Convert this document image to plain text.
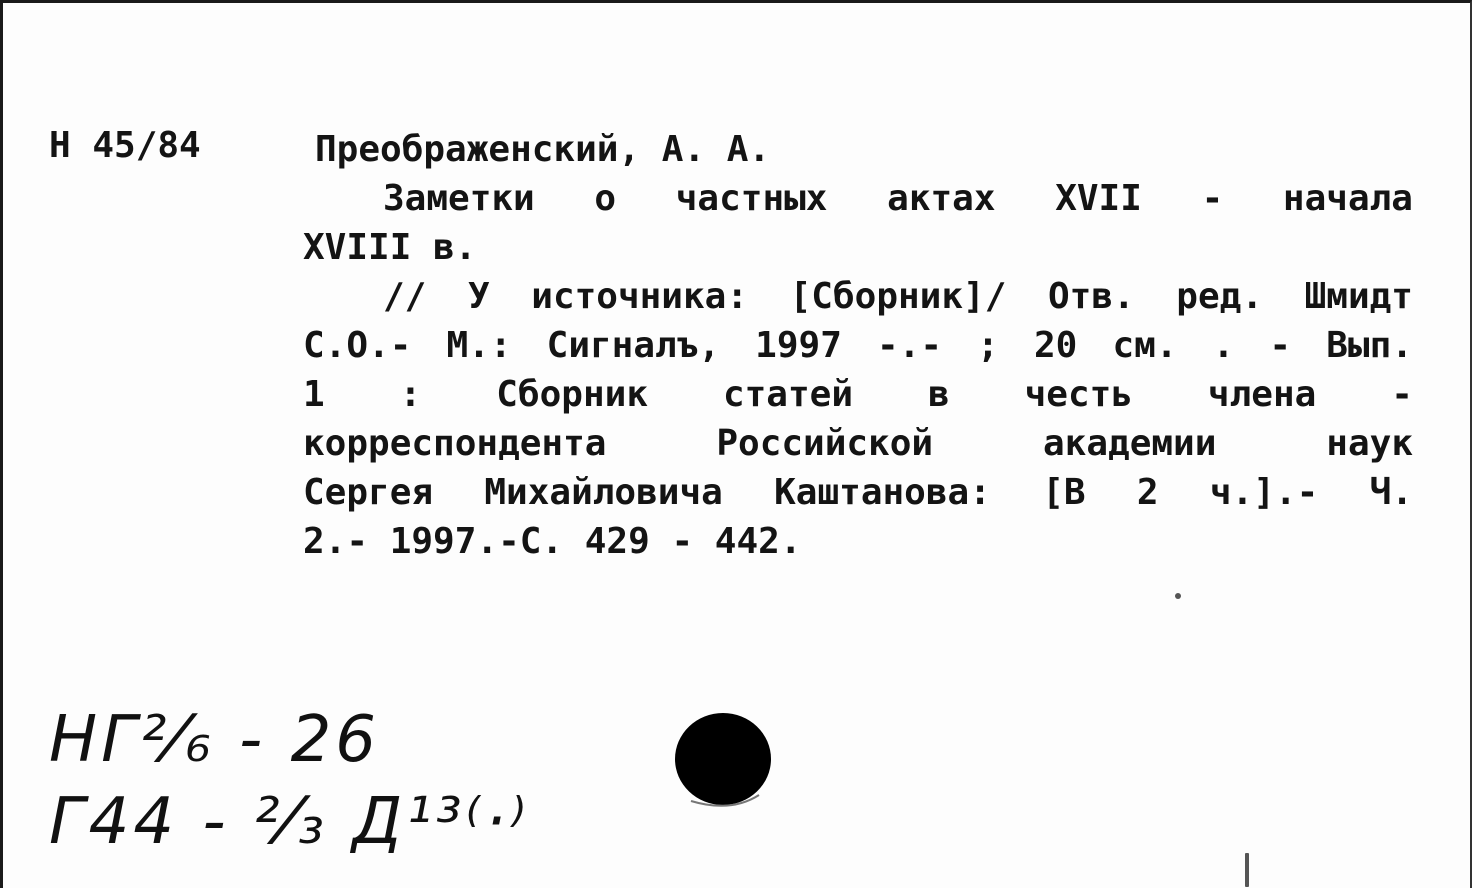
Н 45/84	Преображенский, А. А.
Заметки о частных актах XVII - начала
XVIII в.
// У источника: [Сборник]/ Отв. ред. Шмидт
С.О.- М.: Сигналъ, 1997 -.- ; 20 см. . - Вып.
1 : Сборник статей в честь члена -
корреспондента	Российской	академии	наук
Сергея Михайловича Каштанова: [В 2 ч.].- Ч.
2.- 1997.-С. 429 - 442.
НГ²⁄₆ - 26
Г44 - ²⁄₃ Д¹³⁽·⁾
